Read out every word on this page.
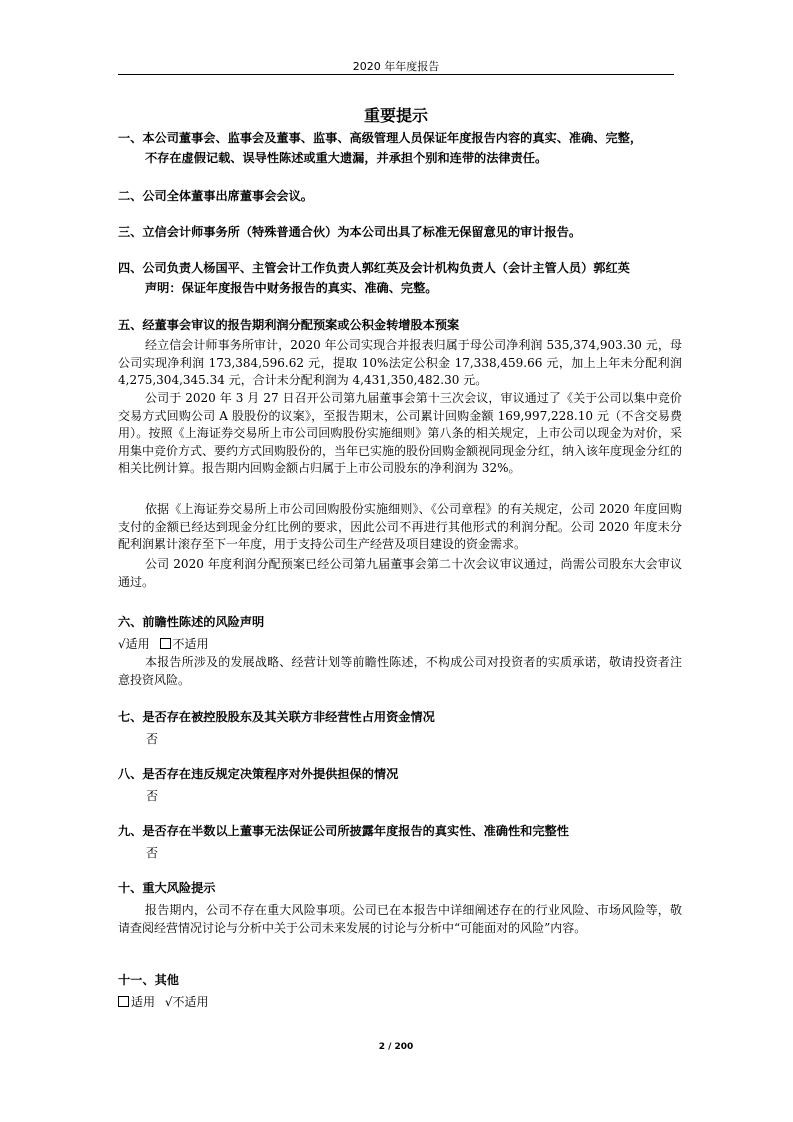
2020 年年度报告
重要提示
一、本公司董事会、监事会及董事、监事、高级管理人员保证年度报告内容的真实、准确、完整，
不存在虚假记载、误导性陈述或重大遗漏，并承担个别和连带的法律责任。
二、公司全体董事出席董事会会议。
三、立信会计师事务所（特殊普通合伙）为本公司出具了标准无保留意见的审计报告。
四、公司负责人杨国平、主管会计工作负责人郭红英及会计机构负责人（会计主管人员）郭红英
声明：保证年度报告中财务报告的真实、准确、完整。
五、经董事会审议的报告期利润分配预案或公积金转增股本预案
经立信会计师事务所审计，2020 年公司实现合并报表归属于母公司净利润 535,374,903.30 元，母公司实现净利润 173,384,596.62 元，提取 10%法定公积金 17,338,459.66 元，加上上年未分配利润 4,275,304,345.34 元，合计未分配利润为 4,431,350,482.30 元。
公司于 2020 年 3 月 27 日召开公司第九届董事会第十三次会议，审议通过了《关于公司以集中竞价交易方式回购公司 A 股股份的议案》，至报告期末，公司累计回购金额 169,997,228.10 元（不含交易费用）。按照《上海证券交易所上市公司回购股份实施细则》第八条的相关规定，上市公司以现金为对价，采用集中竞价方式、要约方式回购股份的，当年已实施的股份回购金额视同现金分红，纳入该年度现金分红的相关比例计算。报告期内回购金额占归属于上市公司股东的净利润为 32%。
依据《上海证券交易所上市公司回购股份实施细则》、《公司章程》的有关规定，公司 2020 年度回购支付的金额已经达到现金分红比例的要求，因此公司不再进行其他形式的利润分配。公司 2020 年度未分配利润累计滚存至下一年度，用于支持公司生产经营及项目建设的资金需求。
公司 2020 年度利润分配预案已经公司第九届董事会第二十次会议审议通过，尚需公司股东大会审议通过。
六、前瞻性陈述的风险声明
√适用 不适用
本报告所涉及的发展战略、经营计划等前瞻性陈述，不构成公司对投资者的实质承诺，敬请投资者注意投资风险。
七、是否存在被控股股东及其关联方非经营性占用资金情况
否
八、是否存在违反规定决策程序对外提供担保的情况
否
九、是否存在半数以上董事无法保证公司所披露年度报告的真实性、准确性和完整性
否
十、重大风险提示
报告期内，公司不存在重大风险事项。公司已在本报告中详细阐述存在的行业风险、市场风险等，敬请查阅经营情况讨论与分析中关于公司未来发展的讨论与分析中“可能面对的风险”内容。
十一、其他
适用 √不适用
2 / 200
